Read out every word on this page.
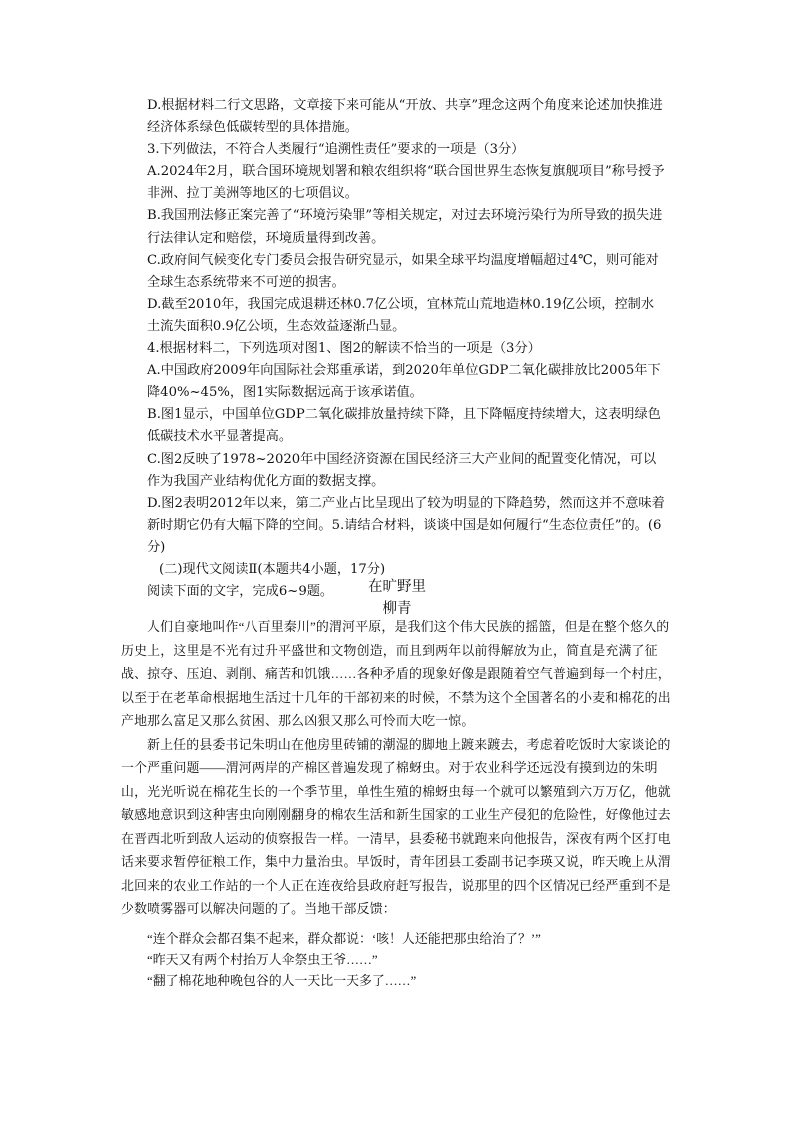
D.根据材料二行文思路，文章接下来可能从“开放、共享”理念这两个角度来论述加快推进经济体系绿色低碳转型的具体措施。

3.下列做法，不符合人类履行“追溯性责任”要求的一项是（3分）

A.2024年2月，联合国环境规划署和粮农组织将“联合国世界生态恢复旗舰项目”称号授予非洲、拉丁美洲等地区的七项倡议。

B.我国刑法修正案完善了“环境污染罪”等相关规定，对过去环境污染行为所导致的损失进行法律认定和赔偿，环境质量得到改善。

C.政府间气候变化专门委员会报告研究显示，如果全球平均温度增幅超过4℃，则可能对全球生态系统带来不可逆的损害。

D.截至2010年，我国完成退耕还林0.7亿公顷，宜林荒山荒地造林0.19亿公顷，控制水土流失面积0.9亿公顷，生态效益逐渐凸显。

4.根据材料二，下列选项对图1、图2的解读不恰当的一项是（3分）

A.中国政府2009年向国际社会郑重承诺，到2020年单位GDP二氧化碳排放比2005年下降40%~45%，图1实际数据远高于该承诺值。

B.图1显示，中国单位GDP二氧化碳排放量持续下降，且下降幅度持续增大，这表明绿色低碳技术水平显著提高。

C.图2反映了1978~2020年中国经济资源在国民经济三大产业间的配置变化情况，可以作为我国产业结构优化方面的数据支撑。

D.图2表明2012年以来，第二产业占比呈现出了较为明显的下降趋势，然而这并不意味着新时期它仍有大幅下降的空间。5.请结合材料，谈谈中国是如何履行“生态位责任”的。(6分)

(二)现代文阅读Ⅱ(本题共4小题，17分)

阅读下面的文字，完成6~9题。	在旷野里
柳青

人们自豪地叫作“八百里秦川”的渭河平原，是我们这个伟大民族的摇篮，但是在整个悠久的历史上，这里是不光有过升平盛世和文物创造，而且到两年以前得解放为止，简直是充满了征战、掠夺、压迫、剥削、痛苦和饥饿……各种矛盾的现象好像是跟随着空气普遍到每一个村庄，以至于在老革命根据地生活过十几年的干部初来的时候，不禁为这个全国著名的小麦和棉花的出产地那么富足又那么贫困、那么凶狠又那么可怜而大吃一惊。

新上任的县委书记朱明山在他房里砖铺的潮湿的脚地上踱来踱去，考虑着吃饭时大家谈论的一个严重问题——渭河两岸的产棉区普遍发现了棉蚜虫。对于农业科学还远没有摸到边的朱明山，光光听说在棉花生长的一个季节里，单性生殖的棉蚜虫每一个就可以繁殖到六万万亿，他就敏感地意识到这种害虫向刚刚翻身的棉农生活和新生国家的工业生产侵犯的危险性，好像他过去在晋西北听到敌人运动的侦察报告一样。一清早，县委秘书就跑来向他报告，深夜有两个区打电话来要求暂停征粮工作，集中力量治虫。早饭时，青年团县工委副书记李瑛又说，昨天晚上从渭北回来的农业工作站的一个人正在连夜给县政府赶写报告，说那里的四个区情况已经严重到不是少数喷雾器可以解决问题的了。当地干部反馈：

“连个群众会都召集不起来，群众都说：‘咳！人还能把那虫给治了？’”
“昨天又有两个村抬万人伞祭虫王爷……”
“翻了棉花地种晚包谷的人一天比一天多了……”
